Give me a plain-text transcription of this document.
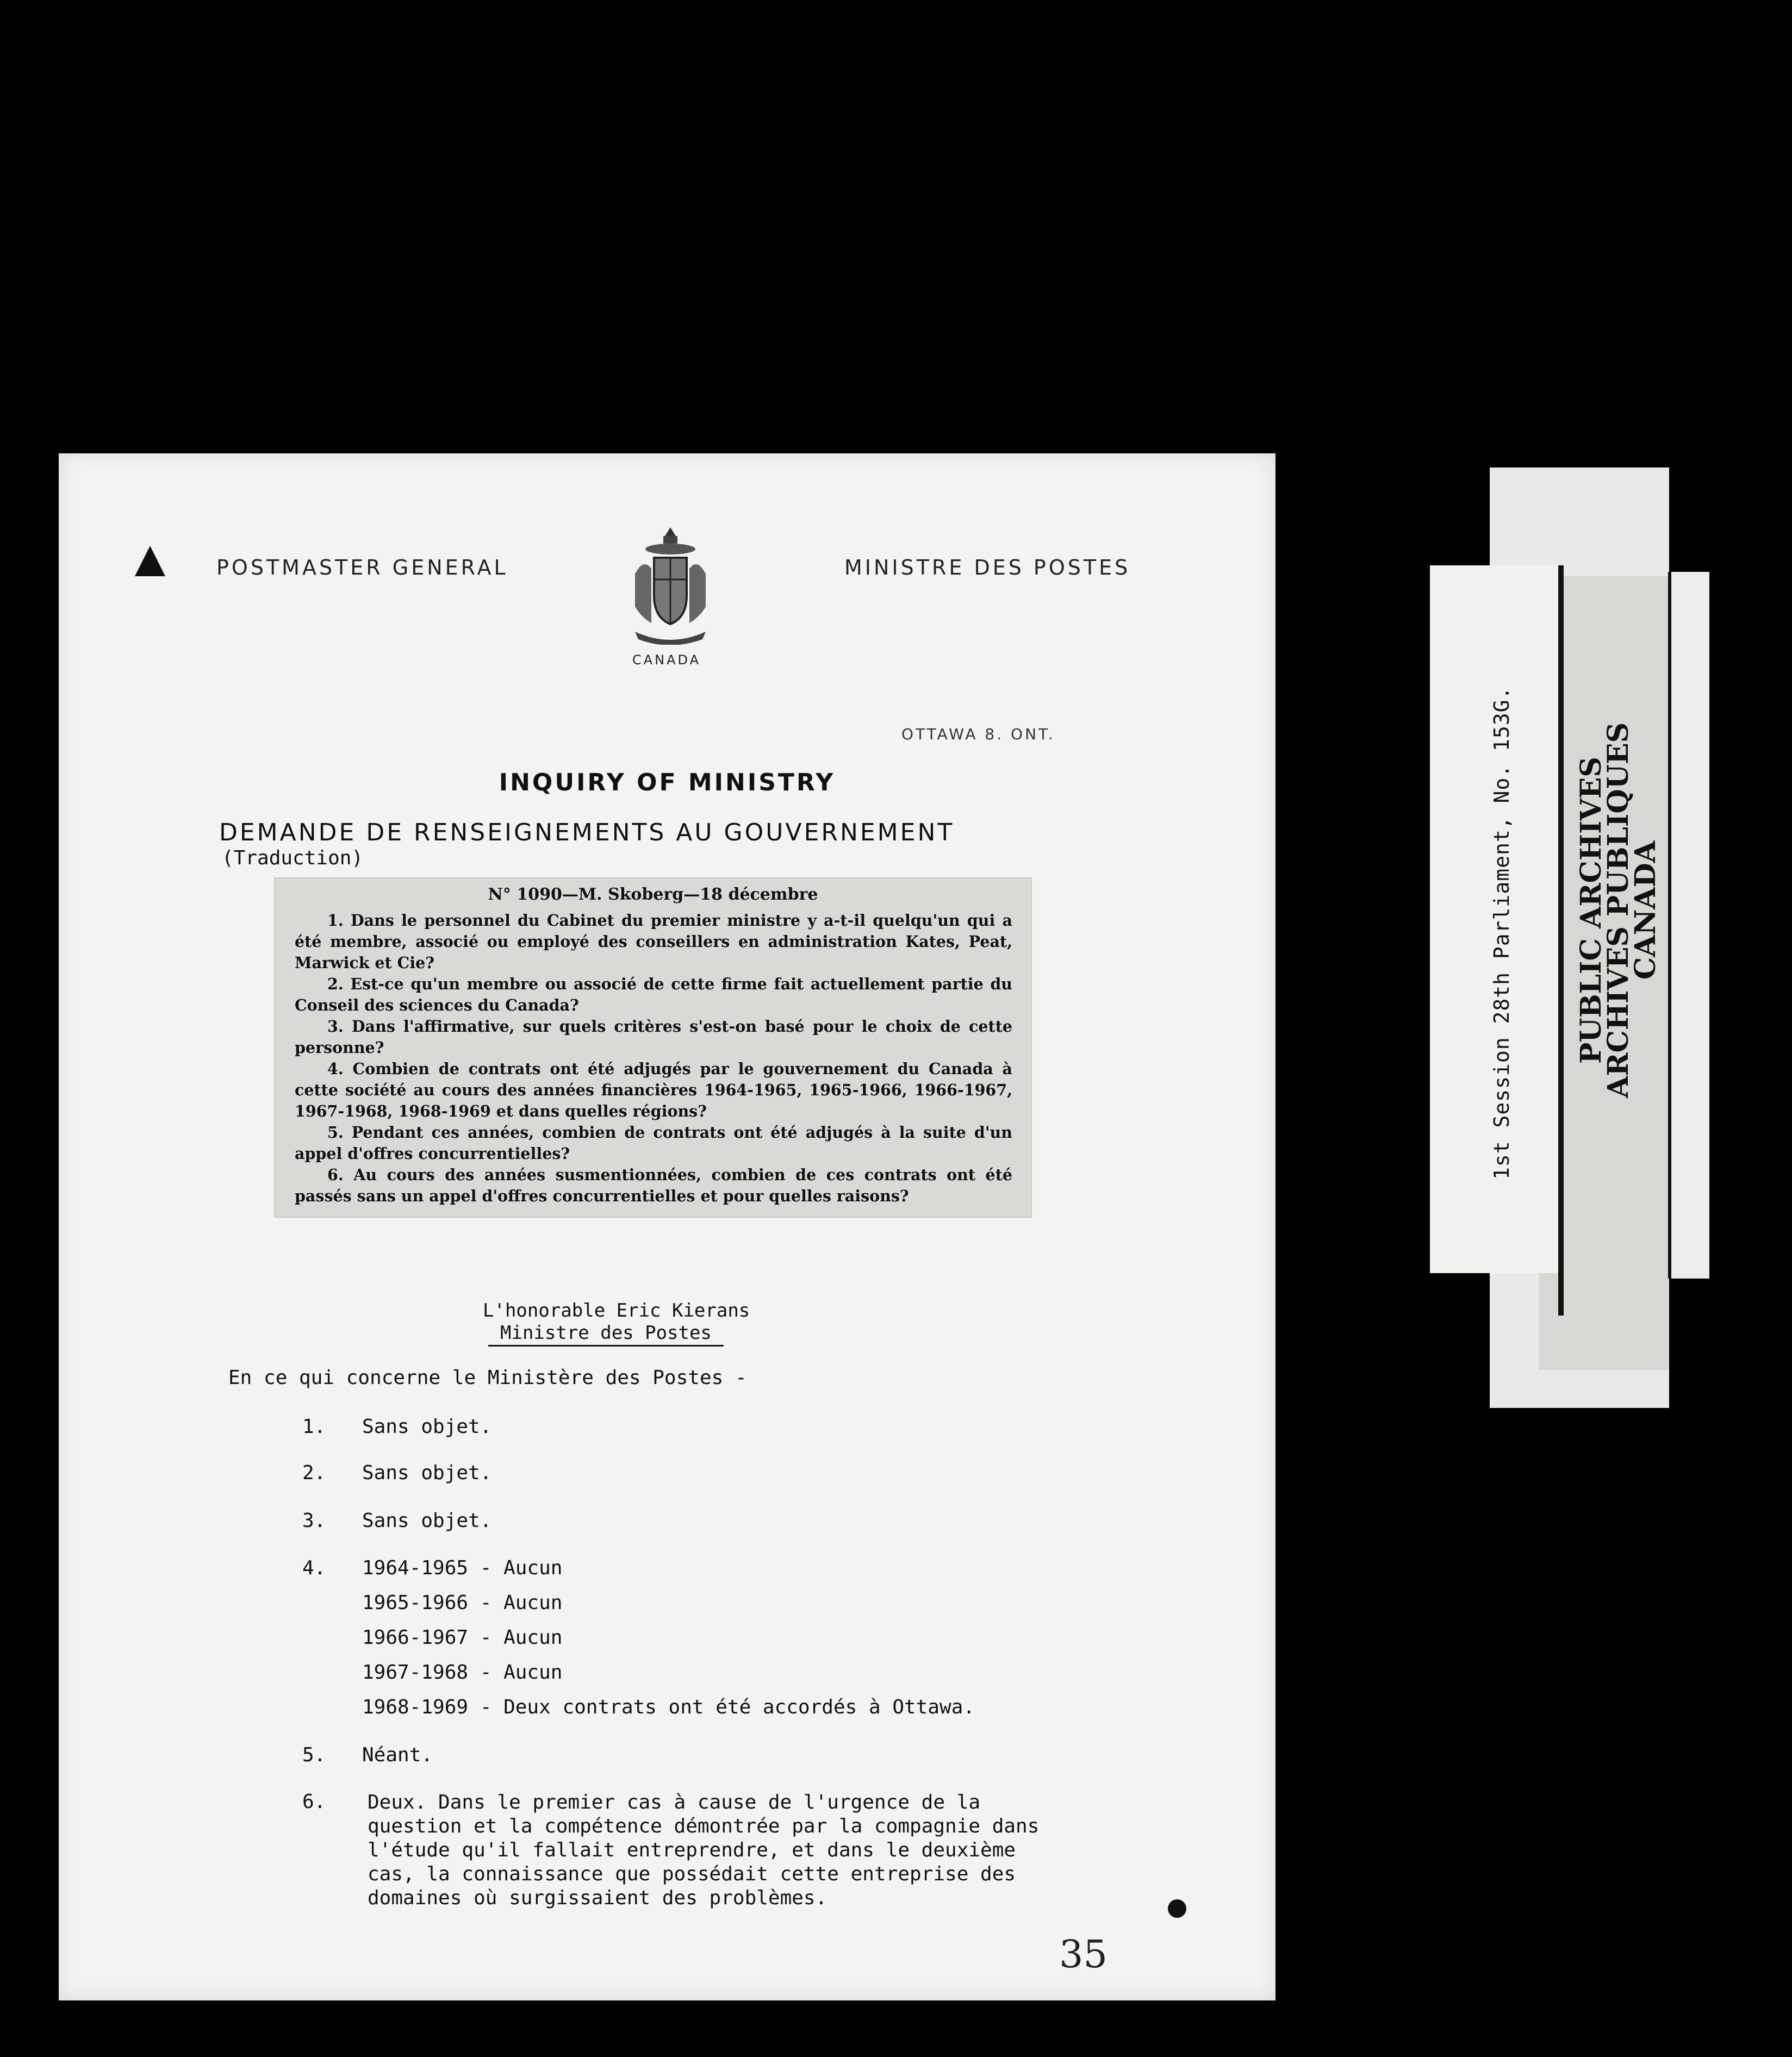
POSTMASTER GENERAL	MINISTRE DES POSTES
CANADA
OTTAWA 8. ONT.
INQUIRY OF MINISTRY
DEMANDE DE RENSEIGNEMENTS AU GOUVERNEMENT
(Traduction)
N° 1090—M. Skoberg—18 décembre

1. Dans le personnel du Cabinet du premier ministre y a-t-il quelqu'un qui a été membre, associé ou employé des conseillers en administration Kates, Peat, Marwick et Cie?

2. Est-ce qu'un membre ou associé de cette firme fait actuellement partie du Conseil des sciences du Canada?

3. Dans l'affirmative, sur quels critères s'est-on basé pour le choix de cette personne?

4. Combien de contrats ont été adjugés par le gouvernement du Canada à cette société au cours des années financières 1964-1965, 1965-1966, 1966-1967, 1967-1968, 1968-1969 et dans quelles régions?

5. Pendant ces années, combien de contrats ont été adjugés à la suite d'un appel d'offres concurrentielles?

6. Au cours des années susmentionnées, combien de ces contrats ont été passés sans un appel d'offres concurrentielles et pour quelles raisons?

L'honorable Eric Kierans
Ministre des Postes
En ce qui concerne le Ministère des Postes -
1. Sans objet.
2. Sans objet.
3. Sans objet.
4. 1964-1965 - Aucun
1965-1966 - Aucun
1966-1967 - Aucun
1967-1968 - Aucun
1968-1969 - Deux contrats ont été accordés à Ottawa.
5. Néant.
6. Deux. Dans le premier cas à cause de l'urgence de la question et la compétence démontrée par la compagnie dans l'étude qu'il fallait entreprendre, et dans le deuxième cas, la connaissance que possédait cette entreprise des domaines où surgissaient des problèmes.
35
1st Session 28th Parliament, No. 153G. PUBLIC ARCHIVES
ARCHIVES PUBLIQUES
CANADA
